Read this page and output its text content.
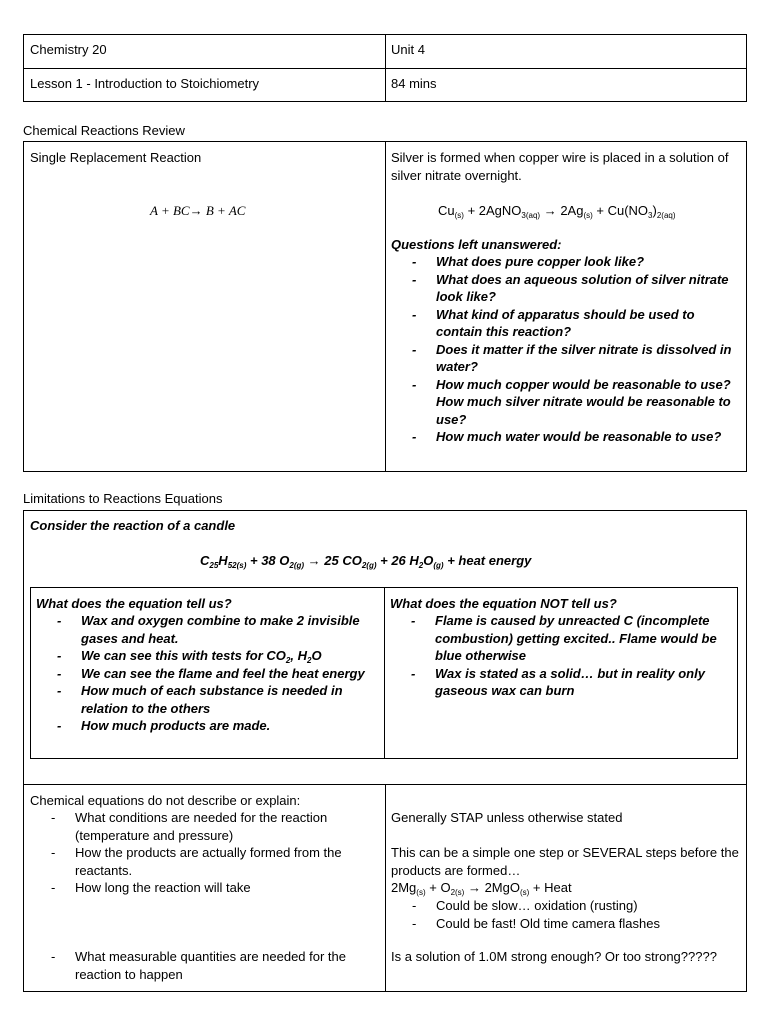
Chemistry 20	Unit 4
Lesson 1 - Introduction to Stoichiometry	84 mins
Chemical Reactions Review
Single Replacement Reaction
A + BC→ B + AC
Silver is formed when copper wire is placed in a solution of silver nitrate overnight.
$Cu_{(s)}$ + 2AgNO$_{3(aq)}$ → $2Ag_{(s)} + Cu(NO_3)_{2(aq)}$
Questions left unanswered:
- What does pure copper look like?
- What does an aqueous solution of silver nitrate look like?
- What kind of apparatus should be used to contain this reaction?
- Does it matter if the silver nitrate is dissolved in water?
- How much copper would be reasonable to use? How much silver nitrate would be reasonable to use?
- How much water would be reasonable to use?
Limitations to Reactions Equations
Consider the reaction of a candle
$C_{25}H_{52(s)} + 38$ $O_{2(g)} \to 25$ $CO_{2(g)} + 26$ $H_2O_{(g)}$ + heat energy
What does the equation tell us?
- Wax and oxygen combine to make 2 invisible gases and heat.
- We can see this with tests for $CO_2$, $H_2O$
- We can see the flame and feel the heat energy
- How much of each substance is needed in relation to the others
- How much products are made.
What does the equation NOT tell us?
- Flame is caused by unreacted C (incomplete combustion) getting excited.. Flame would be blue otherwise
- Wax is stated as a solid… but in reality only gaseous wax can burn
Chemical equations do not describe or explain:
- What conditions are needed for the reaction (temperature and pressure)
- How the products are actually formed from the reactants.
- How long the reaction will take
- What measurable quantities are needed for the reaction to happen
Generally STAP unless otherwise stated
This can be a simple one step or SEVERAL steps before the products are formed…
$2Mg_{(s)} + O_{2(s)} \to 2MgO_{(s)}$ + Heat
- Could be slow… oxidation (rusting)
- Could be fast! Old time camera flashes
Is a solution of 1.0M strong enough? Or too strong?????
